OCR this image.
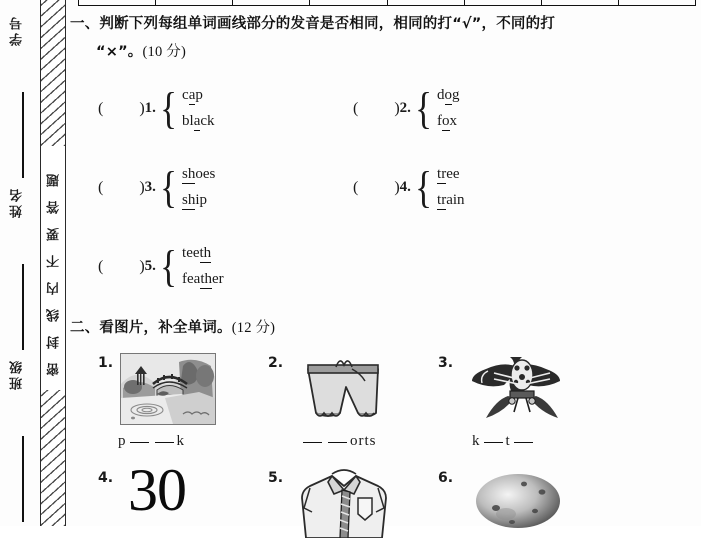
学号
姓名
班级 密封线内不要答题
一、判断下列每组单词画线部分的发音是否相同，相同的打“√”，不同的打
“×”。(10 分)
( ) 1. { cap
black
( ) 2. { dog
fox
( ) 3. { shoes
ship
( ) 4. { tree
train
( ) 5. { teeth
feather
二、看图片，补全单词。(12 分)
1.
p	k
2.
orts
3.
k t
4. 30	5.	6.
